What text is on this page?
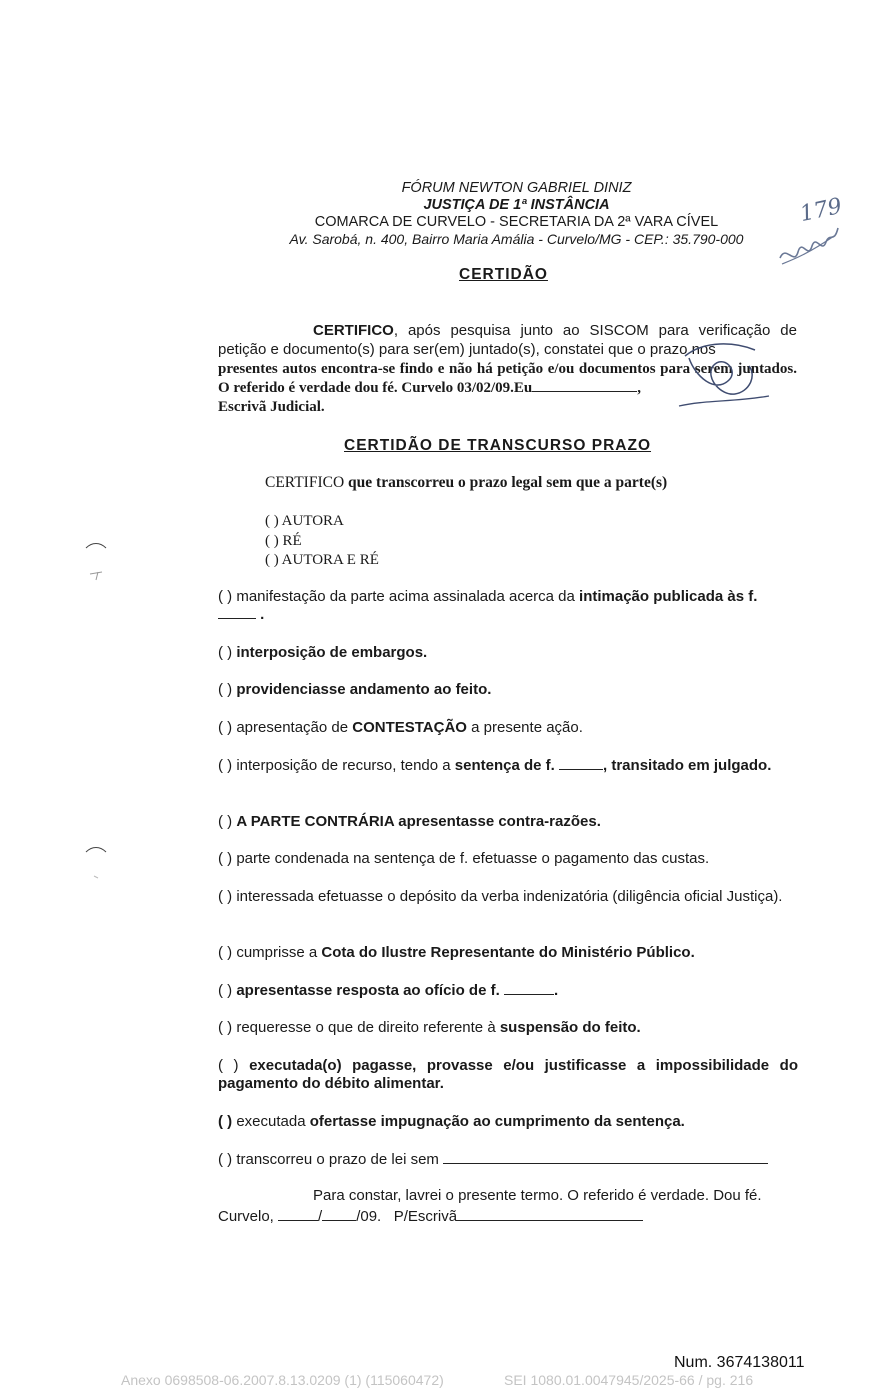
FÓRUM NEWTON GABRIEL DINIZ
JUSTIÇA DE 1ª INSTÂNCIA
COMARCA DE CURVELO - SECRETARIA DA 2ª VARA CÍVEL
Av. Sarobá, n. 400, Bairro Maria Amália - Curvelo/MG - CEP.: 35.790-000
179
CERTIDÃO
CERTIFICO, após pesquisa junto ao SISCOM para verificação de petição e documento(s) para ser(em) juntado(s), constatei que o prazo nos
presentes autos encontra-se findo e não há petição e/ou documentos para serem juntados. O referido é verdade dou fé. Curvelo 03/02/09.Eu	,
Escrivã Judicial.
CERTIDÃO DE TRANSCURSO PRAZO
CERTIFICO que transcorreu o prazo legal sem que a parte(s)
( ) AUTORA
( ) RÉ
( ) AUTORA E RÉ
( ) manifestação da parte acima assinalada acerca da intimação publicada às f.  .
( ) interposição de embargos.
( ) providenciasse andamento ao feito.
( ) apresentação de CONTESTAÇÃO a presente ação.
( ) interposição de recurso, tendo a sentença de f.	, transitado em julgado.
( ) A PARTE CONTRÁRIA apresentasse contra-razões.
( ) parte condenada na sentença de f. efetuasse o pagamento das custas.
( ) interessada efetuasse o depósito da verba indenizatória (diligência oficial Justiça).
( ) cumprisse a Cota do Ilustre Representante do Ministério Público.
( ) apresentasse resposta ao ofício de f.	.
( ) requeresse o que de direito referente à suspensão do feito.
( ) executada(o) pagasse, provasse e/ou justificasse a impossibilidade do pagamento do débito alimentar.
( ) executada ofertasse impugnação ao cumprimento da sentença.
( ) transcorreu o prazo de lei sem
Para constar, lavrei o presente termo. O referido é verdade. Dou fé.
Curvelo,	/ /09. P/Escrivã
Num. 3674138011
Anexo 0698508-06.2007.8.13.0209 (1) (115060472)	SEI 1080.01.0047945/2025-66 / pg. 216
